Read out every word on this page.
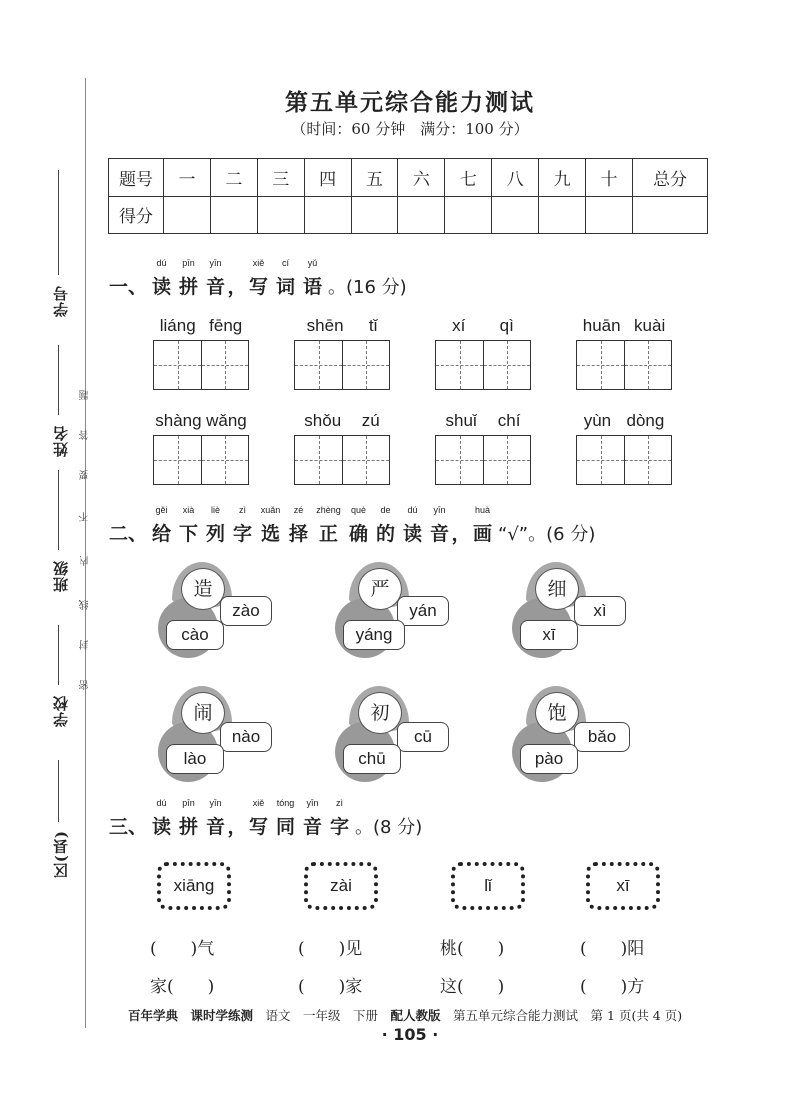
学号
姓名
班级
学校
区(县)
题
答
要
不
内
线
封
密
第五单元综合能力测试
（时间：60 分钟　满分：100 分）
题号	一	二	三	四	五	六	七	八	九	十	总分
得分											
一、
dú
读
pīn
拼
yīn
音 ，
xiě
写
cí
词
yǔ
语 。(16 分)
liáng fēng	shēn tǐ	xí qì	huān kuài
shàng wǎng	shǒu zú	shuǐ chí	yùn dòng
二、
gěi
给
xià
下
liè
列
zì
字
xuǎn
选
zé
择
zhèng
正
què
确
de
的
dú
读
yīn
音 ，
huà
画 “√”。(6 分)
造
zào
cào
严
yán
yáng
细
xì
xī
闹
nào
lào
初
cū
chū
饱
bǎo
pào
三、
dú
读
pīn
拼
yīn
音 ，
xiě
写
tóng
同
yīn
音
zì
字 。(8 分)
xiāng	zài	lǐ	xī
(　　)气	(　　)见	桃(　　)	(　　)阳
家(　　)	(　　)家	这(　　)	(　　)方
百年学典　课时学练测　语文　一年级　下册　配人教版　第五单元综合能力测试　第 1 页(共 4 页)
· 105 ·
